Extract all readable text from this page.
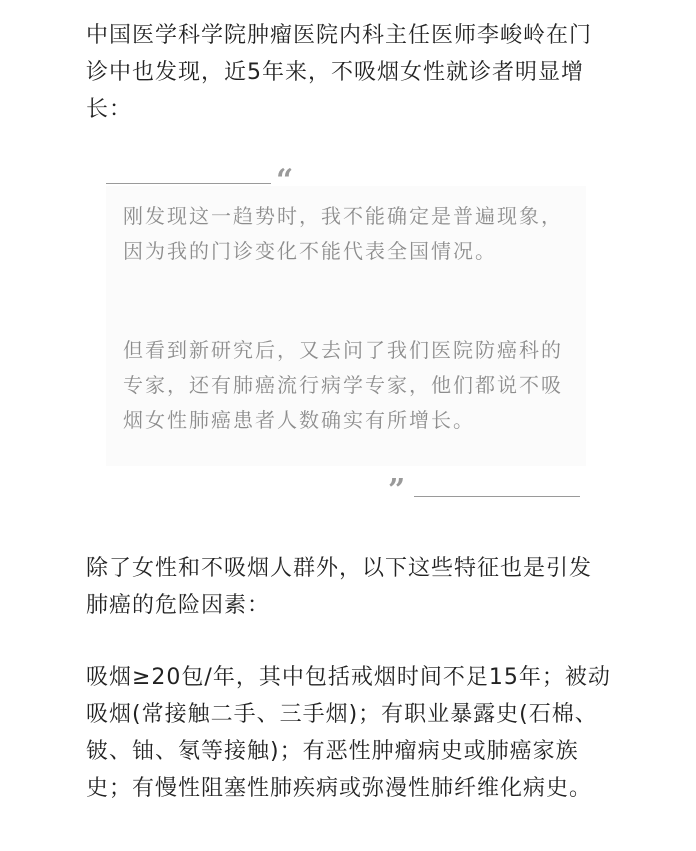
中国医学科学院肿瘤医院内科主任医师李峻岭在门诊中也发现，近5年来，不吸烟女性就诊者明显增长：

“

刚发现这一趋势时，我不能确定是普遍现象，因为我的门诊变化不能代表全国情况。

但看到新研究后，又去问了我们医院防癌科的专家，还有肺癌流行病学专家，他们都说不吸烟女性肺癌患者人数确实有所增长。

”

除了女性和不吸烟人群外，以下这些特征也是引发肺癌的危险因素：

吸烟≥20包/年，其中包括戒烟时间不足15年；被动吸烟(常接触二手、三手烟)；有职业暴露史(石棉、铍、铀、氡等接触)；有恶性肿瘤病史或肺癌家族史；有慢性阻塞性肺疾病或弥漫性肺纤维化病史。
